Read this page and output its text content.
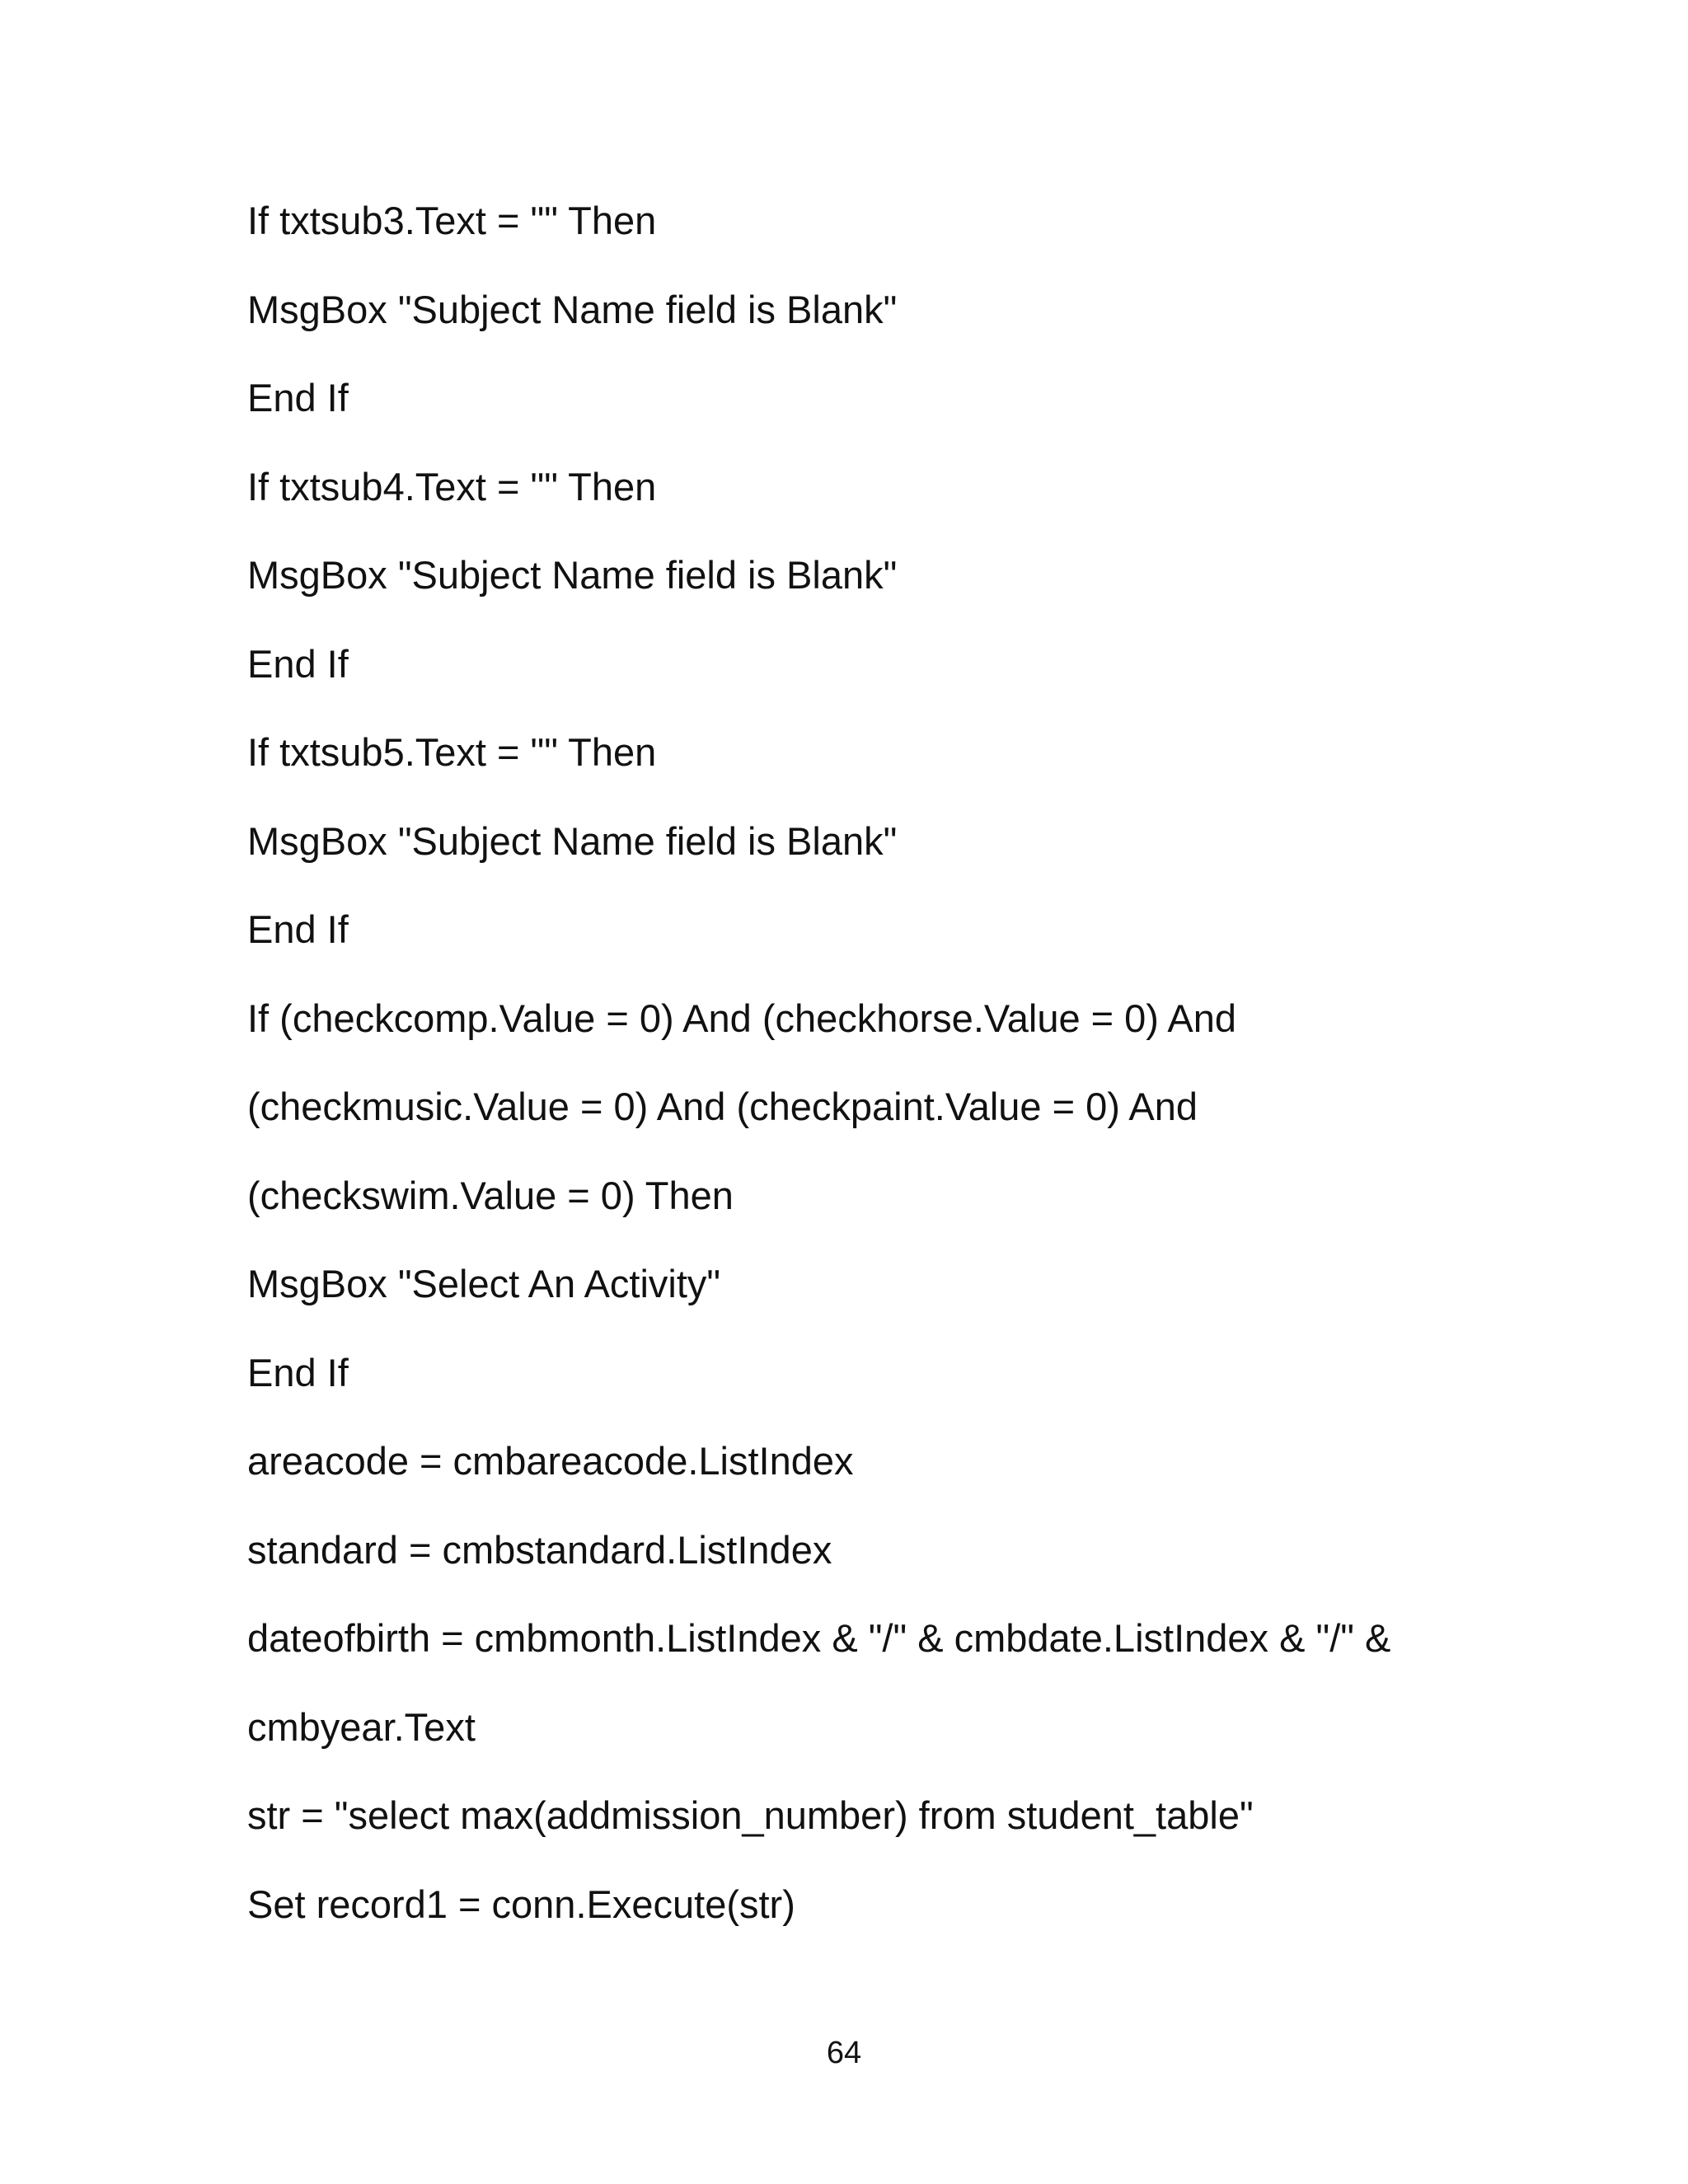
If txtsub3.Text = "" Then
MsgBox "Subject Name field is Blank"
End If
If txtsub4.Text = "" Then
MsgBox "Subject Name field is Blank"
End If
If txtsub5.Text = "" Then
MsgBox "Subject Name field is Blank"
End If
If (checkcomp.Value = 0) And (checkhorse.Value = 0) And
(checkmusic.Value = 0) And (checkpaint.Value = 0) And
(checkswim.Value = 0) Then
MsgBox "Select An Activity"
End If
areacode = cmbareacode.ListIndex
standard = cmbstandard.ListIndex
dateofbirth = cmbmonth.ListIndex & "/" & cmbdate.ListIndex & "/" &
cmbyear.Text
str = "select max(addmission_number) from student_table"
Set record1 = conn.Execute(str)
64
